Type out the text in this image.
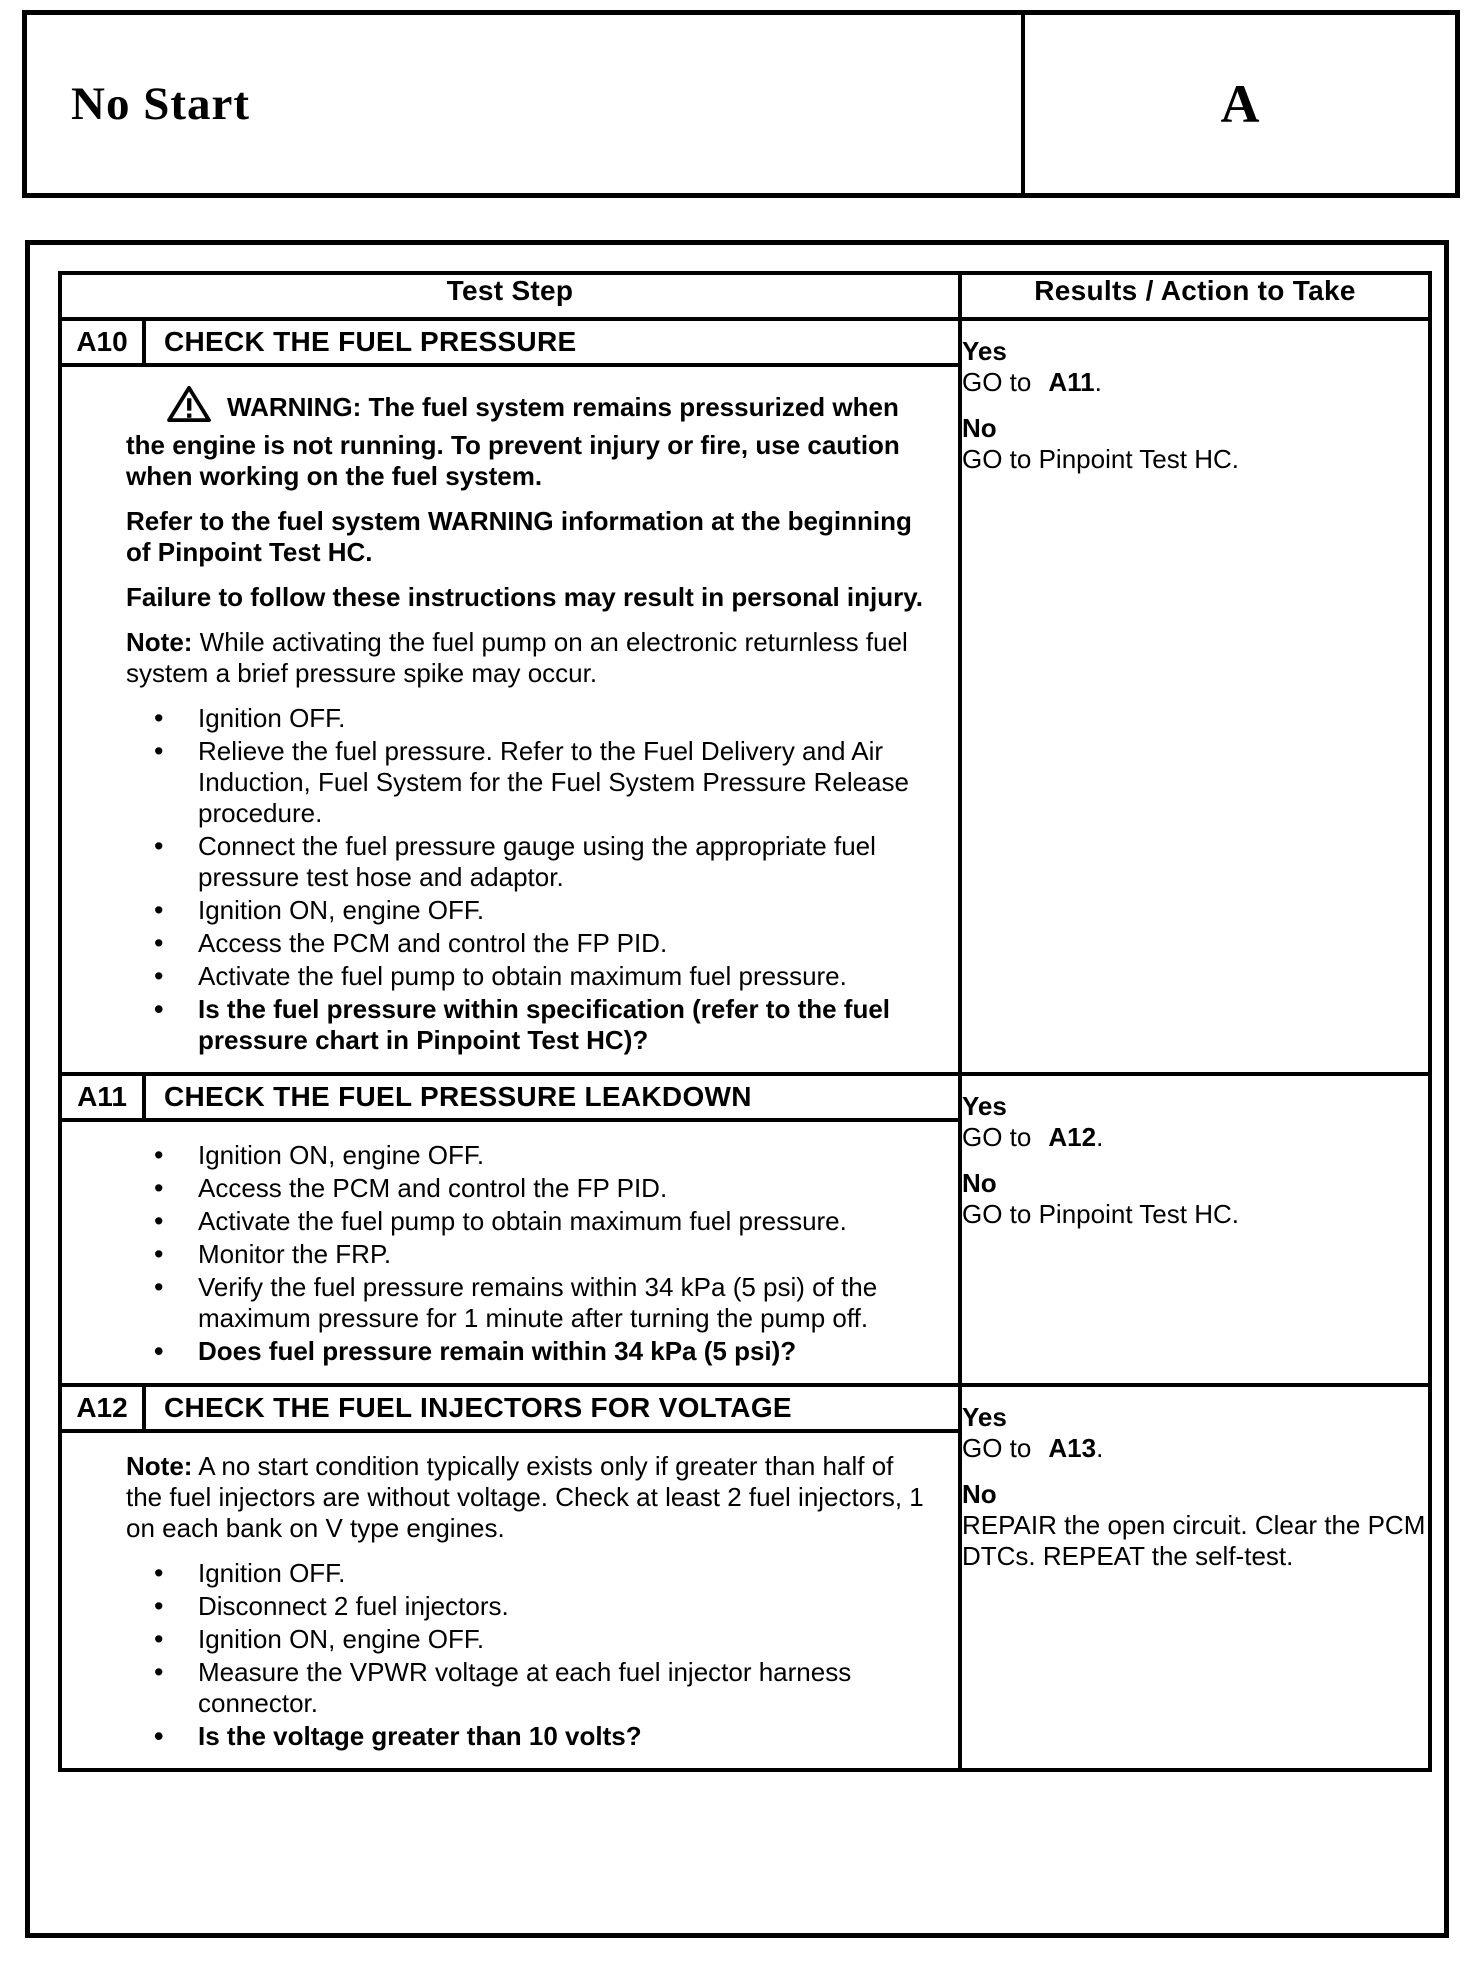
No Start	A
Test Step	Results / Action to Take

A10	CHECK THE FUEL PRESSURE

WARNING: The fuel system remains pressurized when the engine is not running. To prevent injury or fire, use caution when working on the fuel system.

Refer to the fuel system WARNING information at the beginning of Pinpoint Test HC.

Failure to follow these instructions may result in personal injury.

Note: While activating the fuel pump on an electronic returnless fuel system a brief pressure spike may occur.

• Ignition OFF.
• Relieve the fuel pressure. Refer to the Fuel Delivery and Air Induction, Fuel System for the Fuel System Pressure Release procedure.
• Connect the fuel pressure gauge using the appropriate fuel pressure test hose and adaptor.
• Ignition ON, engine OFF.
• Access the PCM and control the FP PID.
• Activate the fuel pump to obtain maximum fuel pressure.
• Is the fuel pressure within specification (refer to the fuel pressure chart in Pinpoint Test HC)?

Yes
GO to A11.
No
GO to Pinpoint Test HC.

A11	CHECK THE FUEL PRESSURE LEAKDOWN
• Ignition ON, engine OFF.
• Access the PCM and control the FP PID.
• Activate the fuel pump to obtain maximum fuel pressure.
• Monitor the FRP.
• Verify the fuel pressure remains within 34 kPa (5 psi) of the maximum pressure for 1 minute after turning the pump off.
• Does fuel pressure remain within 34 kPa (5 psi)?

Yes
GO to A12.
No
GO to Pinpoint Test HC.

A12	CHECK THE FUEL INJECTORS FOR VOLTAGE

Note: A no start condition typically exists only if greater than half of the fuel injectors are without voltage. Check at least 2 fuel injectors, 1 on each bank on V type engines.

• Ignition OFF.
• Disconnect 2 fuel injectors.
• Ignition ON, engine OFF.
• Measure the VPWR voltage at each fuel injector harness connector.
• Is the voltage greater than 10 volts?

Yes
GO to A13.
No
REPAIR the open circuit. Clear the PCM DTCs. REPEAT the self-test.
